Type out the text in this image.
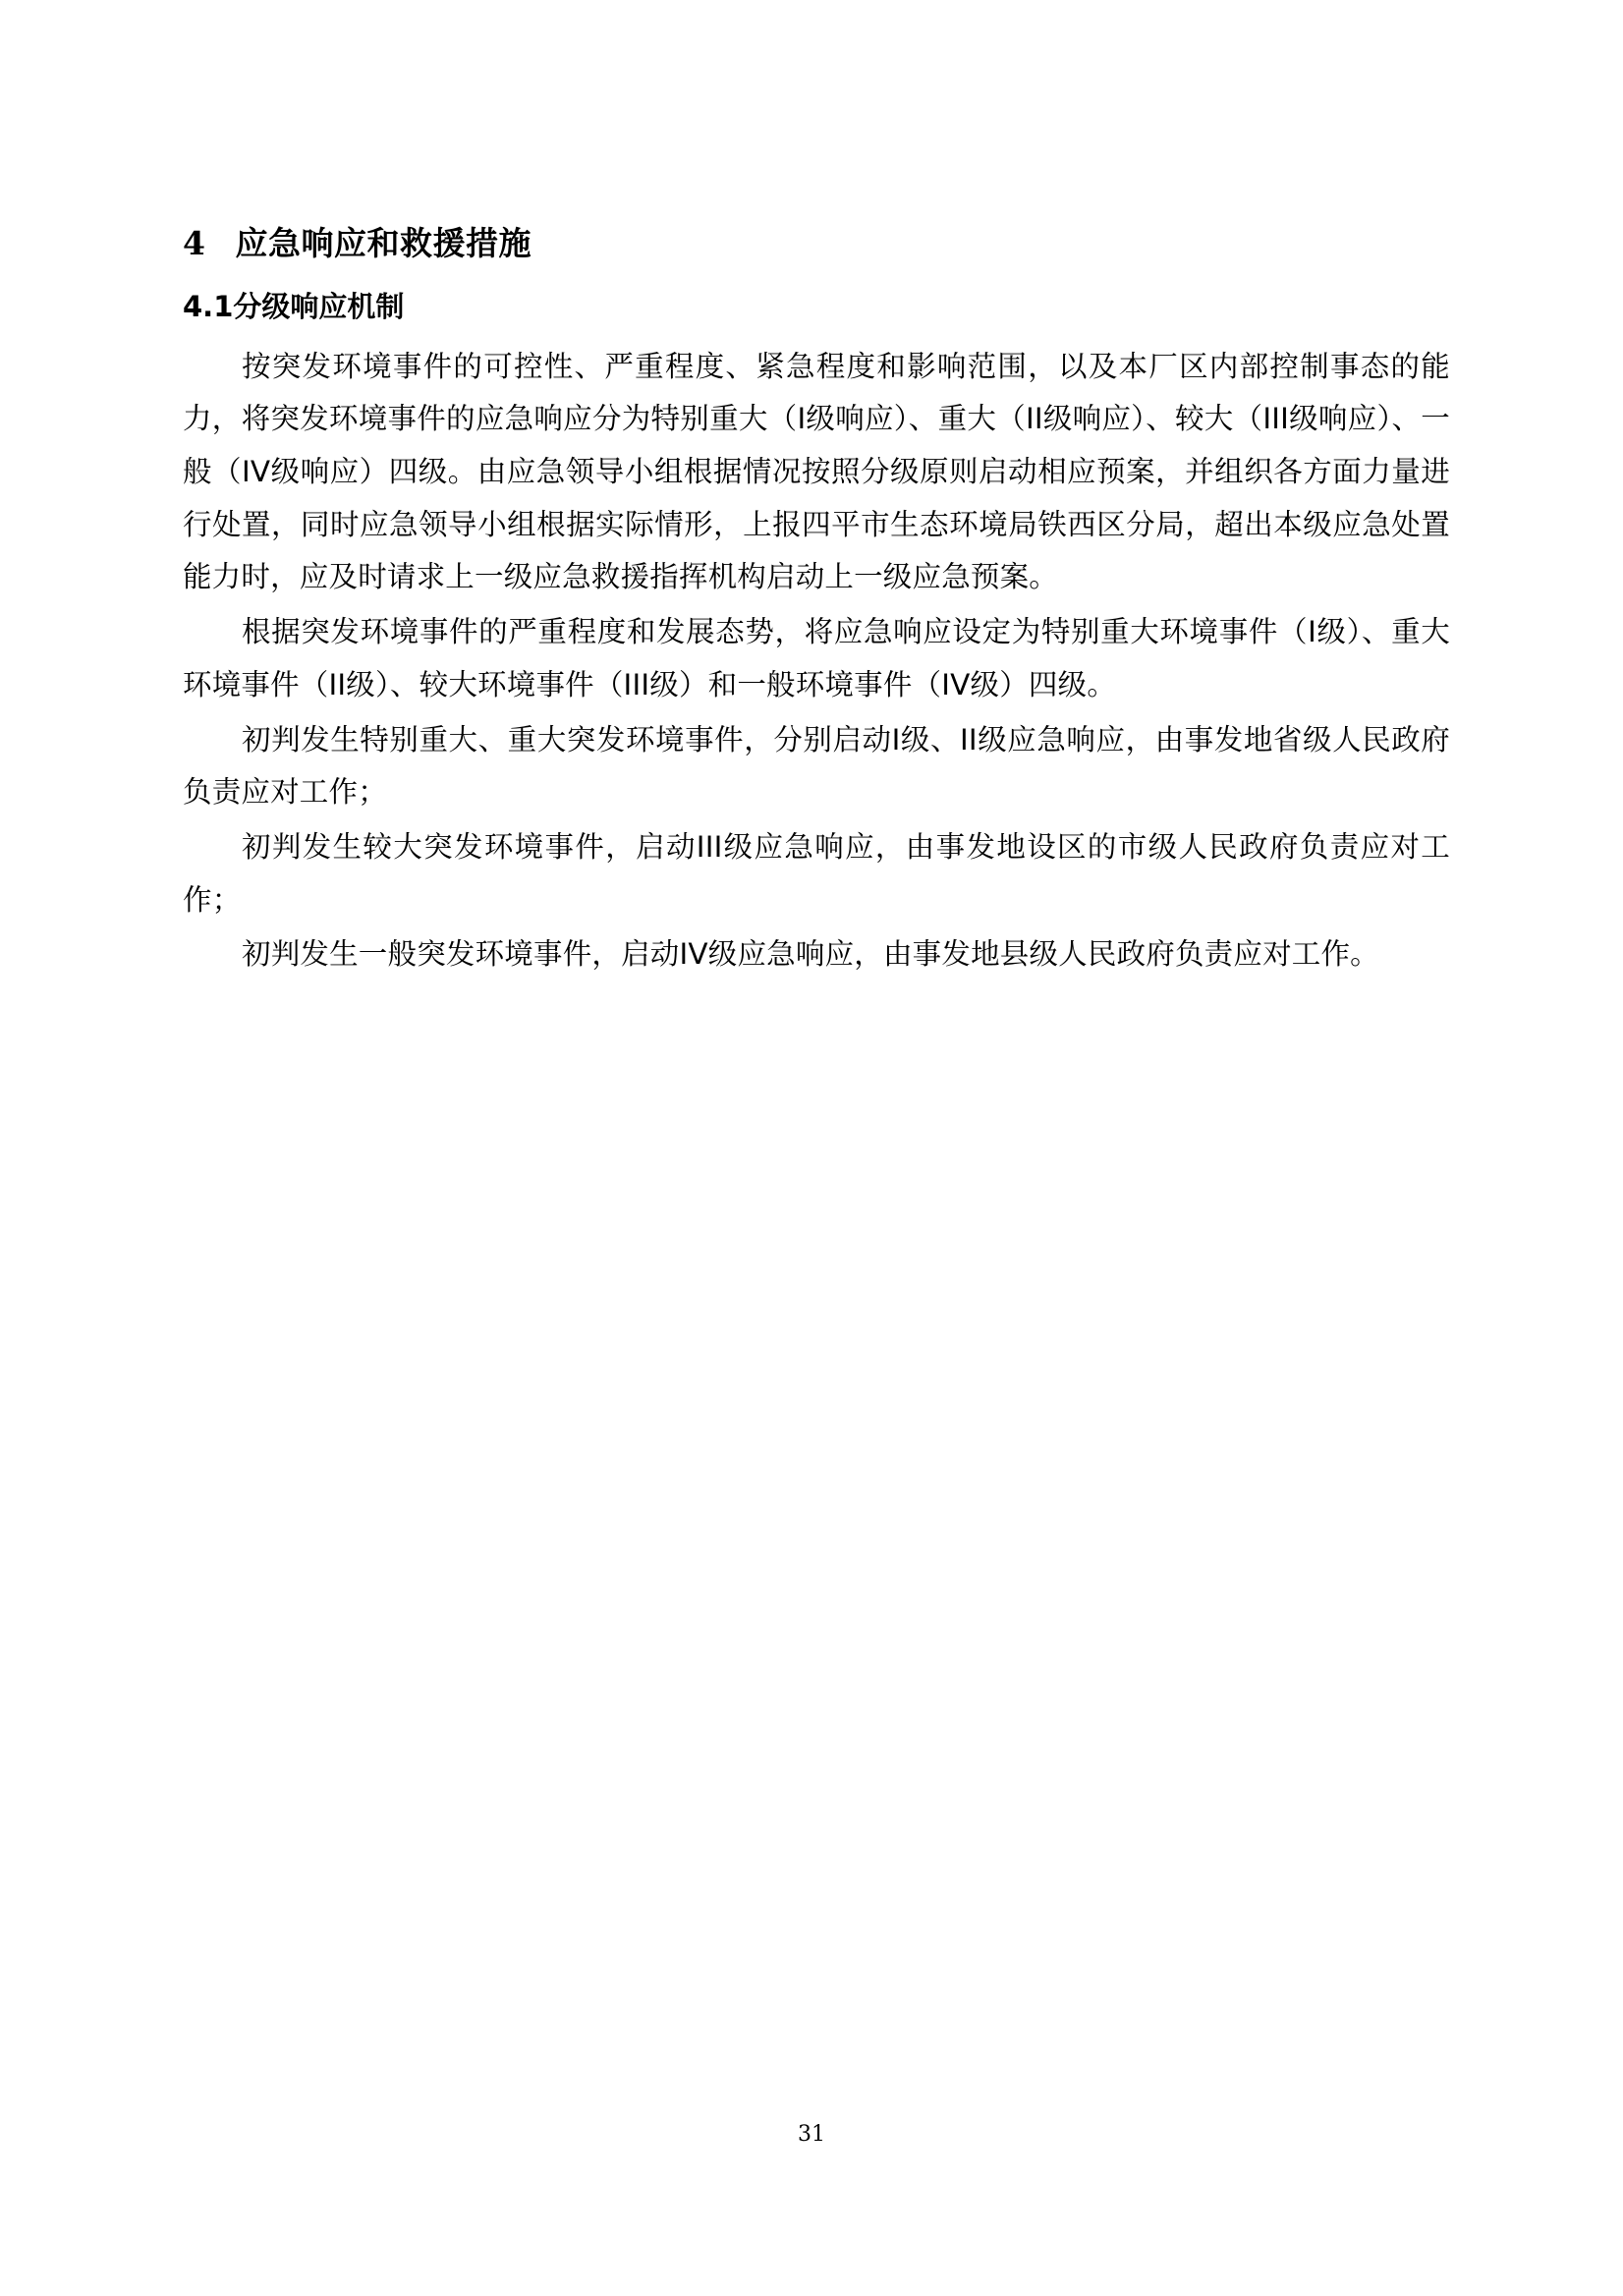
4 应急响应和救援措施
4.1分级响应机制

按突发环境事件的可控性、严重程度、紧急程度和影响范围，以及本厂区内部控制事态的能力，将突发环境事件的应急响应分为特别重大（I级响应）、重大（II级响应）、较大（III级响应）、一般（IV级响应）四级。由应急领导小组根据情况按照分级原则启动相应预案，并组织各方面力量进行处置，同时应急领导小组根据实际情形，上报四平市生态环境局铁西区分局，超出本级应急处置能力时，应及时请求上一级应急救援指挥机构启动上一级应急预案。

根据突发环境事件的严重程度和发展态势，将应急响应设定为特别重大环境事件（I级）、重大环境事件（II级）、较大环境事件（III级）和一般环境事件（IV级）四级。

初判发生特别重大、重大突发环境事件，分别启动I级、II级应急响应，由事发地省级人民政府负责应对工作；

初判发生较大突发环境事件，启动III级应急响应，由事发地设区的市级人民政府负责应对工作；

初判发生一般突发环境事件，启动IV级应急响应，由事发地县级人民政府负责应对工作。

31
